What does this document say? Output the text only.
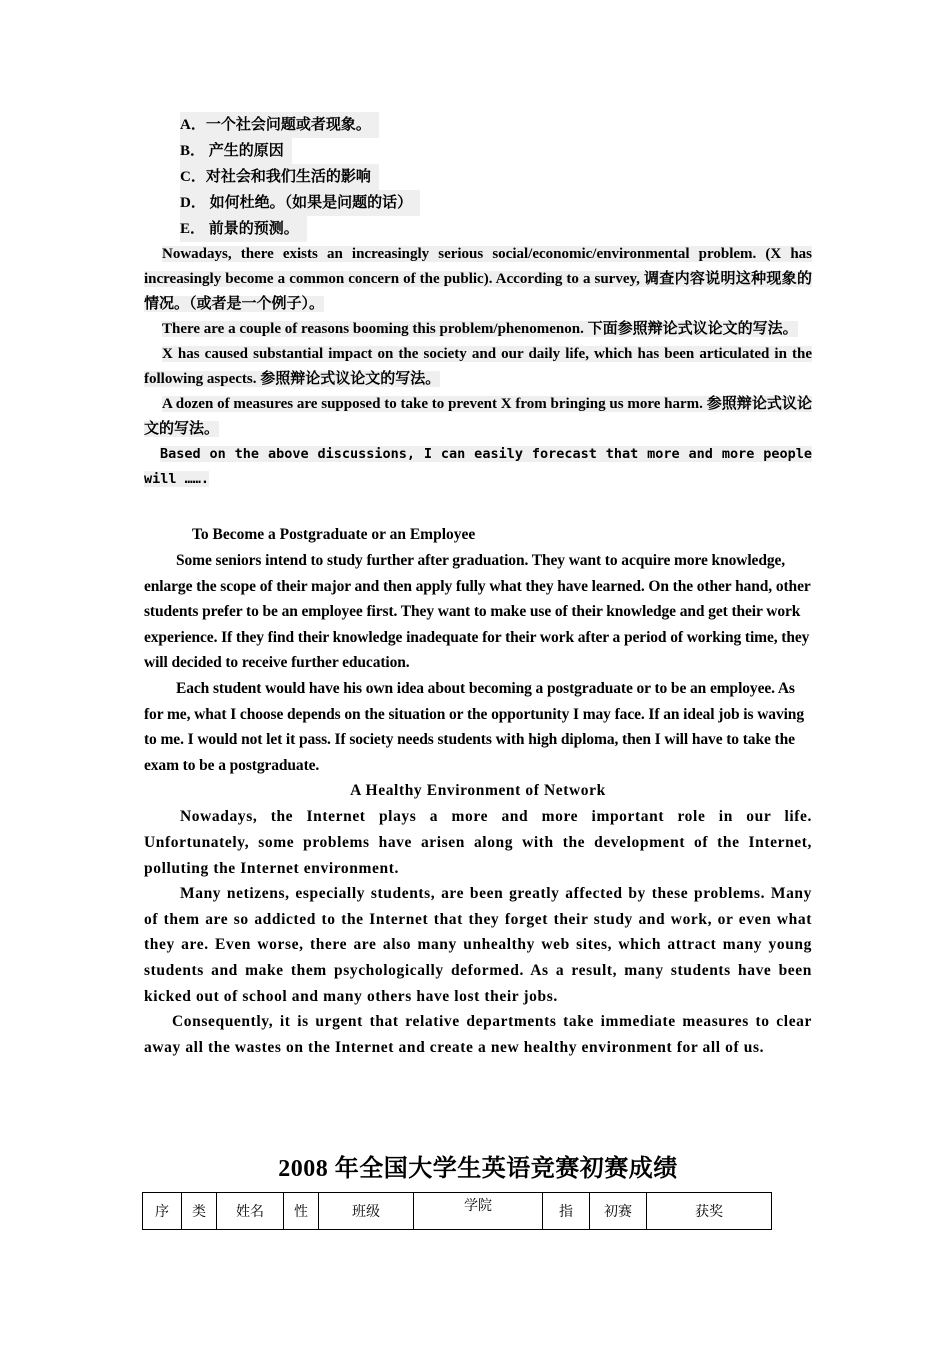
A．一个社会问题或者现象。
B． 产生的原因
C．对社会和我们生活的影响
D． 如何杜绝。（如果是问题的话）
E． 前景的预测。

Nowadays, there exists an increasingly serious social/economic/environmental problem. (X has increasingly become a common concern of the public). According to a survey, 调查内容说明这种现象的情况。（或者是一个例子）。

There are a couple of reasons booming this problem/phenomenon. 下面参照辩论式议论文的写法。

X has caused substantial impact on the society and our daily life, which has been articulated in the following aspects. 参照辩论式议论文的写法。

A dozen of measures are supposed to take to prevent X from bringing us more harm. 参照辩论式议论文的写法。

Based on the above discussions, I can easily forecast that more and more people will …….

To Become a Postgraduate or an Employee

Some seniors intend to study further after graduation. They want to acquire more knowledge, enlarge the scope of their major and then apply fully what they have learned. On the other hand, other students prefer to be an employee first. They want to make use of their knowledge and get their work experience. If they find their knowledge inadequate for their work after a period of working time, they will decided to receive further education.

Each student would have his own idea about becoming a postgraduate or to be an employee. As for me, what I choose depends on the situation or the opportunity I may face. If an ideal job is waving to me. I would not let it pass. If society needs students with high diploma, then I will have to take the exam to be a postgraduate.

A Healthy Environment of Network

Nowadays, the Internet plays a more and more important role in our life. Unfortunately, some problems have arisen along with the development of the Internet, polluting the Internet environment.

Many netizens, especially students, are been greatly affected by these problems. Many of them are so addicted to the Internet that they forget their study and work, or even what they are. Even worse, there are also many unhealthy web sites, which attract many young students and make them psychologically deformed. As a result, many students have been kicked out of school and many others have lost their jobs.

Consequently, it is urgent that relative departments take immediate measures to clear away all the wastes on the Internet and create a new healthy environment for all of us.

2008 年全国大学生英语竞赛初赛成绩
序	类	姓名	性	班级	学院	指	初赛	获奖
